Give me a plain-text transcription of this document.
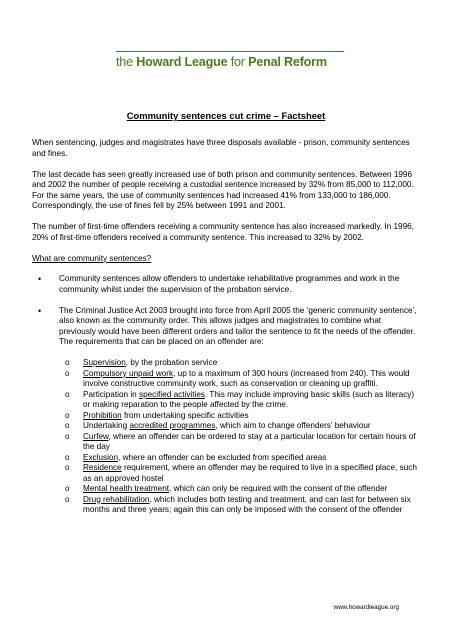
the Howard League for Penal Reform
Community sentences cut crime – Factsheet

When sentencing, judges and magistrates have three disposals available - prison, community sentences and fines.

The last decade has seen greatly increased use of both prison and community sentences. Between 1996 and 2002 the number of people receiving a custodial sentence increased by 32% from 85,000 to 112,000. For the same years, the use of community sentences had increased 41% from 133,000 to 186,000. Correspondingly, the use of fines fell by 25% between 1991 and 2001.

The number of first-time offenders receiving a community sentence has also increased markedly. In 1996, 20% of first-time offenders received a community sentence. This increased to 32% by 2002.

What are community sentences?
• Community sentences allow offenders to undertake rehabilitative programmes and work in the community whilst under the supervision of the probation service.
• The Criminal Justice Act 2003 brought into force from April 2005 the ‘generic community sentence’, also known as the community order. This allows judges and magistrates to combine what previously would have been different orders and tailor the sentence to fit the needs of the offender. The requirements that can be placed on an offender are:
o Supervision, by the probation service
o Compulsory unpaid work, up to a maximum of 300 hours (increased from 240). This would involve constructive community work, such as conservation or cleaning up graffiti.
o Participation in specified activities. This may include improving basic skills (such as literacy) or making reparation to the people affected by the crime.
o Prohibition from undertaking specific activities
o Undertaking accredited programmes, which aim to change offenders’ behaviour
o Curfew, where an offender can be ordered to stay at a particular location for certain hours of the day
o Exclusion, where an offender can be excluded from specified areas
o Residence requirement, where an offender may be required to live in a specified place, such as an approved hostel
o Mental health treatment, which can only be required with the consent of the offender
o Drug rehabilitation, which includes both testing and treatment, and can last for between six months and three years; again this can only be imposed with the consent of the offender
www.howardleague.org
